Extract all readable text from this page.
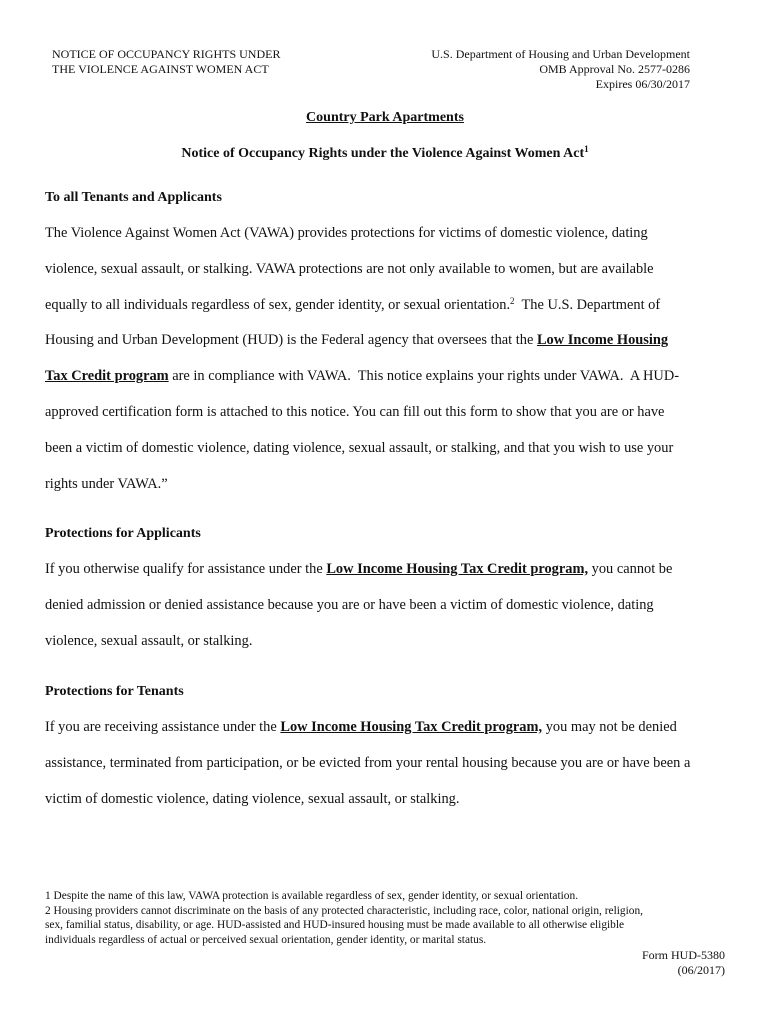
NOTICE OF OCCUPANCY RIGHTS UNDER
THE VIOLENCE AGAINST WOMEN ACT
U.S. Department of Housing and Urban Development
OMB Approval No. 2577-0286
Expires 06/30/2017
Country Park Apartments
Notice of Occupancy Rights under the Violence Against Women Act$^1$
To all Tenants and Applicants
The Violence Against Women Act (VAWA) provides protections for victims of domestic violence, dating
violence, sexual assault, or stalking. VAWA protections are not only available to women, but are available
equally to all individuals regardless of sex, gender identity, or sexual orientation.$^2$  The U.S. Department of
Housing and Urban Development (HUD) is the Federal agency that oversees that the Low Income Housing
Tax Credit program are in compliance with VAWA.  This notice explains your rights under VAWA.  A HUD-
approved certification form is attached to this notice. You can fill out this form to show that you are or have
been a victim of domestic violence, dating violence, sexual assault, or stalking, and that you wish to use your
rights under VAWA.”
Protections for Applicants
If you otherwise qualify for assistance under the Low Income Housing Tax Credit program, you cannot be
denied admission or denied assistance because you are or have been a victim of domestic violence, dating
violence, sexual assault, or stalking.
Protections for Tenants
If you are receiving assistance under the Low Income Housing Tax Credit program, you may not be denied
assistance, terminated from participation, or be evicted from your rental housing because you are or have been a
victim of domestic violence, dating violence, sexual assault, or stalking.
1 Despite the name of this law, VAWA protection is available regardless of sex, gender identity, or sexual orientation.
2 Housing providers cannot discriminate on the basis of any protected characteristic, including race, color, national origin, religion,
sex, familial status, disability, or age. HUD-assisted and HUD-insured housing must be made available to all otherwise eligible
individuals regardless of actual or perceived sexual orientation, gender identity, or marital status.
Form HUD-5380
(06/2017)
